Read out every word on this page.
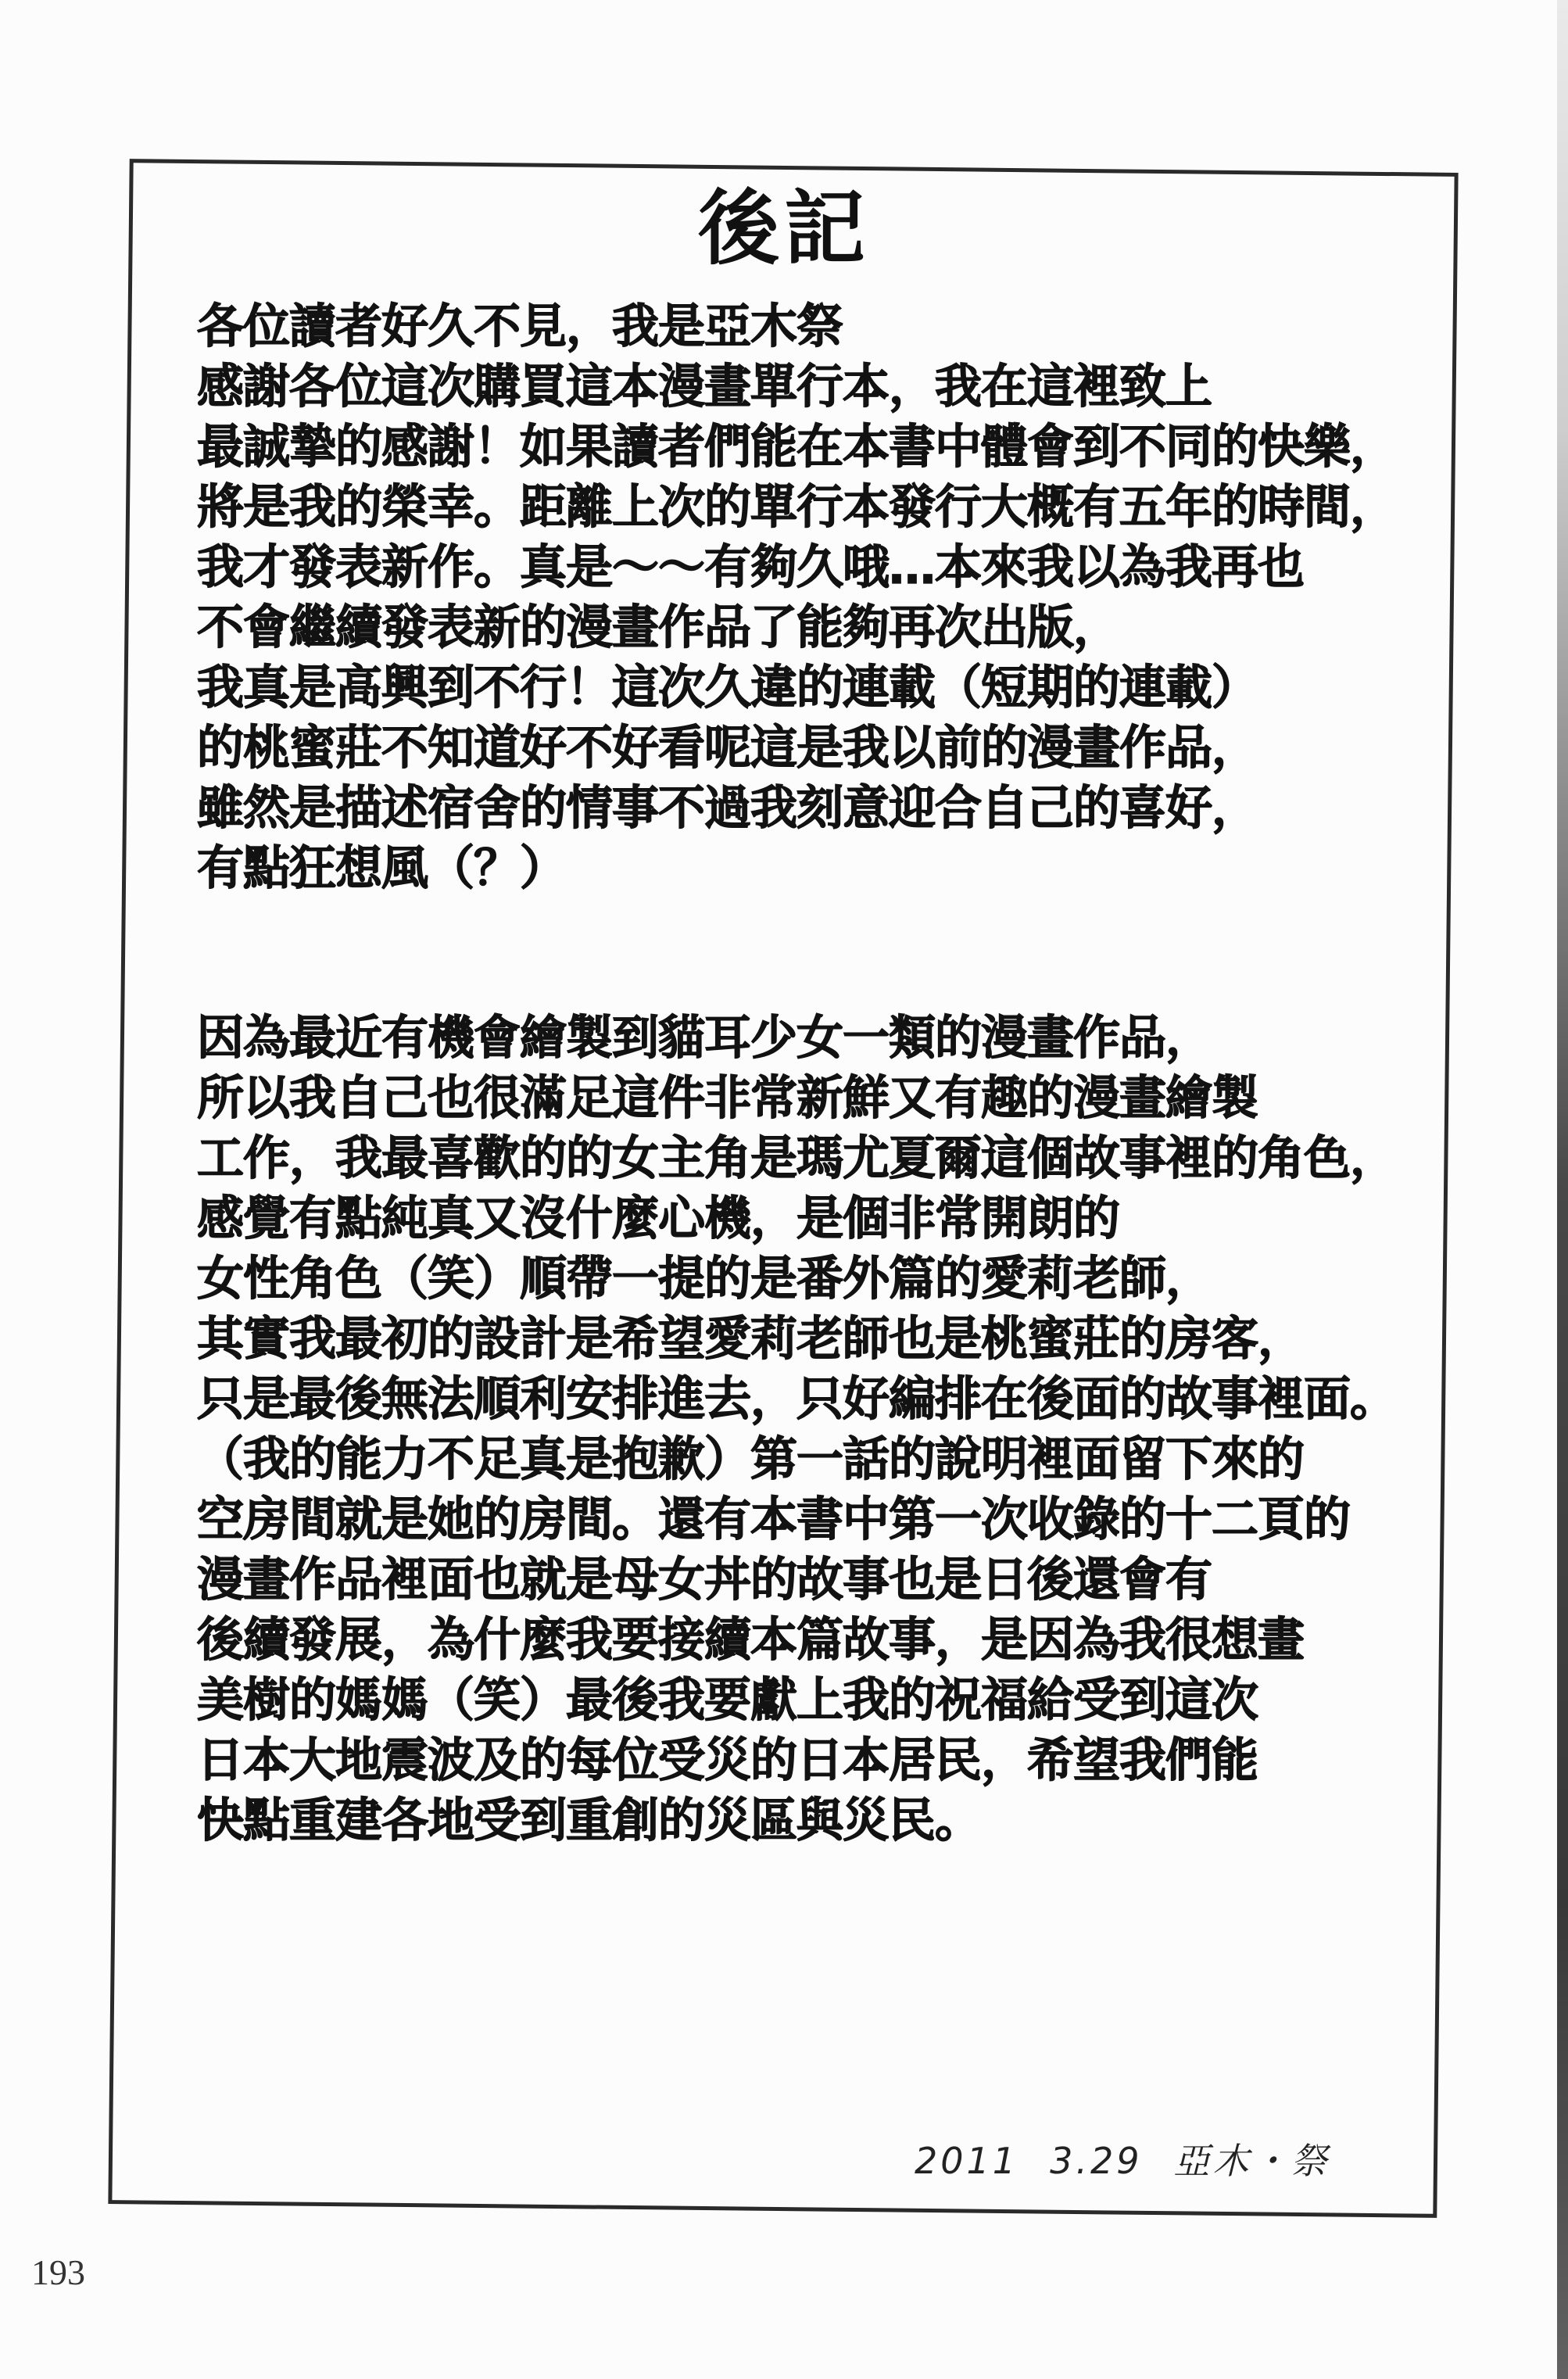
後記
各位讀者好久不見，我是亞木祭
感謝各位這次購買這本漫畫單行本，我在這裡致上
最誠摯的感謝！如果讀者們能在本書中體會到不同的快樂，
將是我的榮幸。距離上次的單行本發行大概有五年的時間，
我才發表新作。真是～～有夠久哦…本來我以為我再也
不會繼續發表新的漫畫作品了能夠再次出版，
我真是高興到不行！這次久違的連載（短期的連載）
的桃蜜莊不知道好不好看呢這是我以前的漫畫作品，
雖然是描述宿舍的情事不過我刻意迎合自己的喜好，
有點狂想風（？）
因為最近有機會繪製到貓耳少女一類的漫畫作品，
所以我自己也很滿足這件非常新鮮又有趣的漫畫繪製
工作，我最喜歡的的女主角是瑪尤夏爾這個故事裡的角色，
感覺有點純真又沒什麼心機，是個非常開朗的
女性角色（笑）順帶一提的是番外篇的愛莉老師，
其實我最初的設計是希望愛莉老師也是桃蜜莊的房客，
只是最後無法順利安排進去，只好編排在後面的故事裡面。
（我的能力不足真是抱歉）第一話的說明裡面留下來的
空房間就是她的房間。還有本書中第一次收錄的十二頁的
漫畫作品裡面也就是母女丼的故事也是日後還會有
後續發展，為什麼我要接續本篇故事，是因為我很想畫
美樹的媽媽（笑）最後我要獻上我的祝福給受到這次
日本大地震波及的每位受災的日本居民，希望我們能
快點重建各地受到重創的災區與災民。
2011 3.29 亞木・祭
193
